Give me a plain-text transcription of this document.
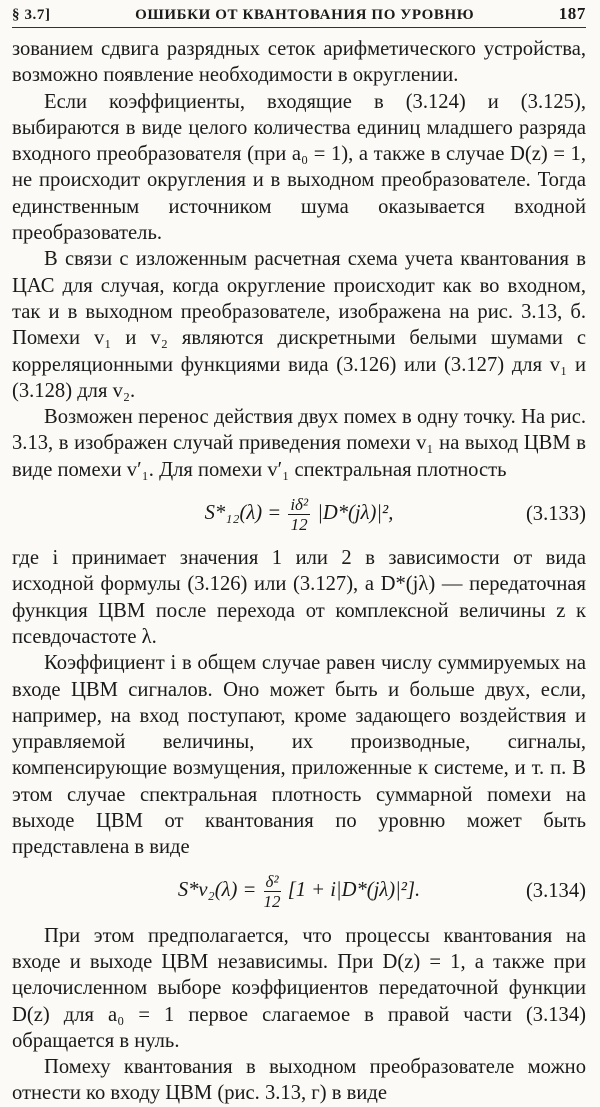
§ 3.7]	ОШИБКИ ОТ КВАНТОВАНИЯ ПО УРОВНЮ	187

зованием сдвига разрядных сеток арифметического устройства, возможно появление необходимости в округлении.

Если коэффициенты, входящие в (3.124) и (3.125), выбираются в виде целого количества единиц младшего разряда входного преобразователя (при a₀ = 1), а также в случае D(z) = 1, не происходит округления и в выходном преобразователе. Тогда единственным источником шума оказывается входной преобразователь.

В связи с изложенным расчетная схема учета квантования в ЦАС для случая, когда округление происходит как во входном, так и в выходном преобразователе, изображена на рис. 3.13, б. Помехи v₁ и v₂ являются дискретными белыми шумами с корреляционными функциями вида (3.126) или (3.127) для v₁ и (3.128) для v₂.

Возможен перенос действия двух помех в одну точку. На рис. 3.13, в изображен случай приведения помехи v₁ на выход ЦВМ в виде помехи v′₁. Для помехи v′₁ спектральная плотность

$S*_{12}(\lambda) = \frac{\text{iδ²}}{12} |D*(j\lambda)|^2$,	(3.133)

где i принимает значения 1 или 2 в зависимости от вида исходной формулы (3.126) или (3.127), а D*(jλ) — передаточная функция ЦВМ после перехода от комплексной величины z к псевдочастоте λ.

Коэффициент i в общем случае равен числу суммируемых на входе ЦВМ сигналов. Оно может быть и больше двух, если, например, на вход поступают, кроме задающего воздействия и управляемой величины, их производные, сигналы, компенсирующие возмущения, приложенные к системе, и т. п. В этом случае спектральная плотность суммарной помехи на выходе ЦВМ от квантования по уровню может быть представлена в виде

$S*v_2(\lambda) = \frac{\text{δ²}}{12} [1 + i|D*(j\lambda)|^2]$.	(3.134)

При этом предполагается, что процессы квантования на входе и выходе ЦВМ независимы. При D(z) = 1, а также при целочисленном выборе коэффициентов передаточной функции D(z) для a₀ = 1 первое слагаемое в правой части (3.134) обращается в нуль.

Помеху квантования в выходном преобразователе можно отнести ко входу ЦВМ (рис. 3.13, г) в виде
